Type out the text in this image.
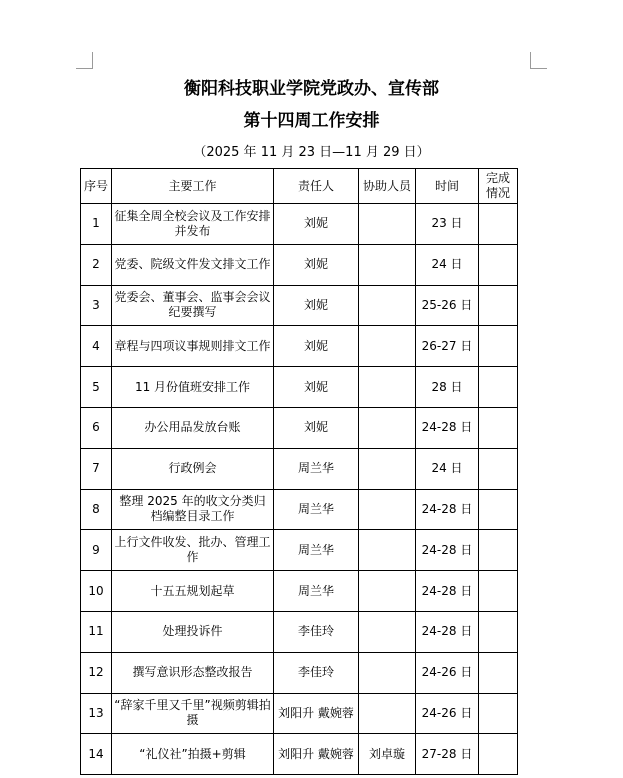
衡阳科技职业学院党政办、宣传部
第十四周工作安排
（2025 年 11 月 23 日—11 月 29 日）
序号	主要工作	责任人	协助人员	时间	完成情况
1	征集全周全校会议及工作安排并发布	刘妮		23 日	
2	党委、院级文件发文排文工作	刘妮		24 日	
3	党委会、董事会、监事会会议纪要撰写	刘妮		25-26 日	
4	章程与四项议事规则排文工作	刘妮		26-27 日	
5	11 月份值班安排工作	刘妮		28 日	
6	办公用品发放台账	刘妮		24-28 日	
7	行政例会	周兰华		24 日	
8	整理 2025 年的收文分类归档编整目录工作	周兰华		24-28 日	
9	上行文件收发、批办、管理工作	周兰华		24-28 日	
10	十五五规划起草	周兰华		24-28 日	
11	处理投诉件	李佳玲		24-28 日	
12	撰写意识形态整改报告	李佳玲		24-26 日	
13	“辞家千里又千里”视频剪辑拍摄	刘阳升 戴婉蓉		24-26 日	
14	“礼仪社”拍摄+剪辑	刘阳升 戴婉蓉	刘卓璇	27-28 日	
